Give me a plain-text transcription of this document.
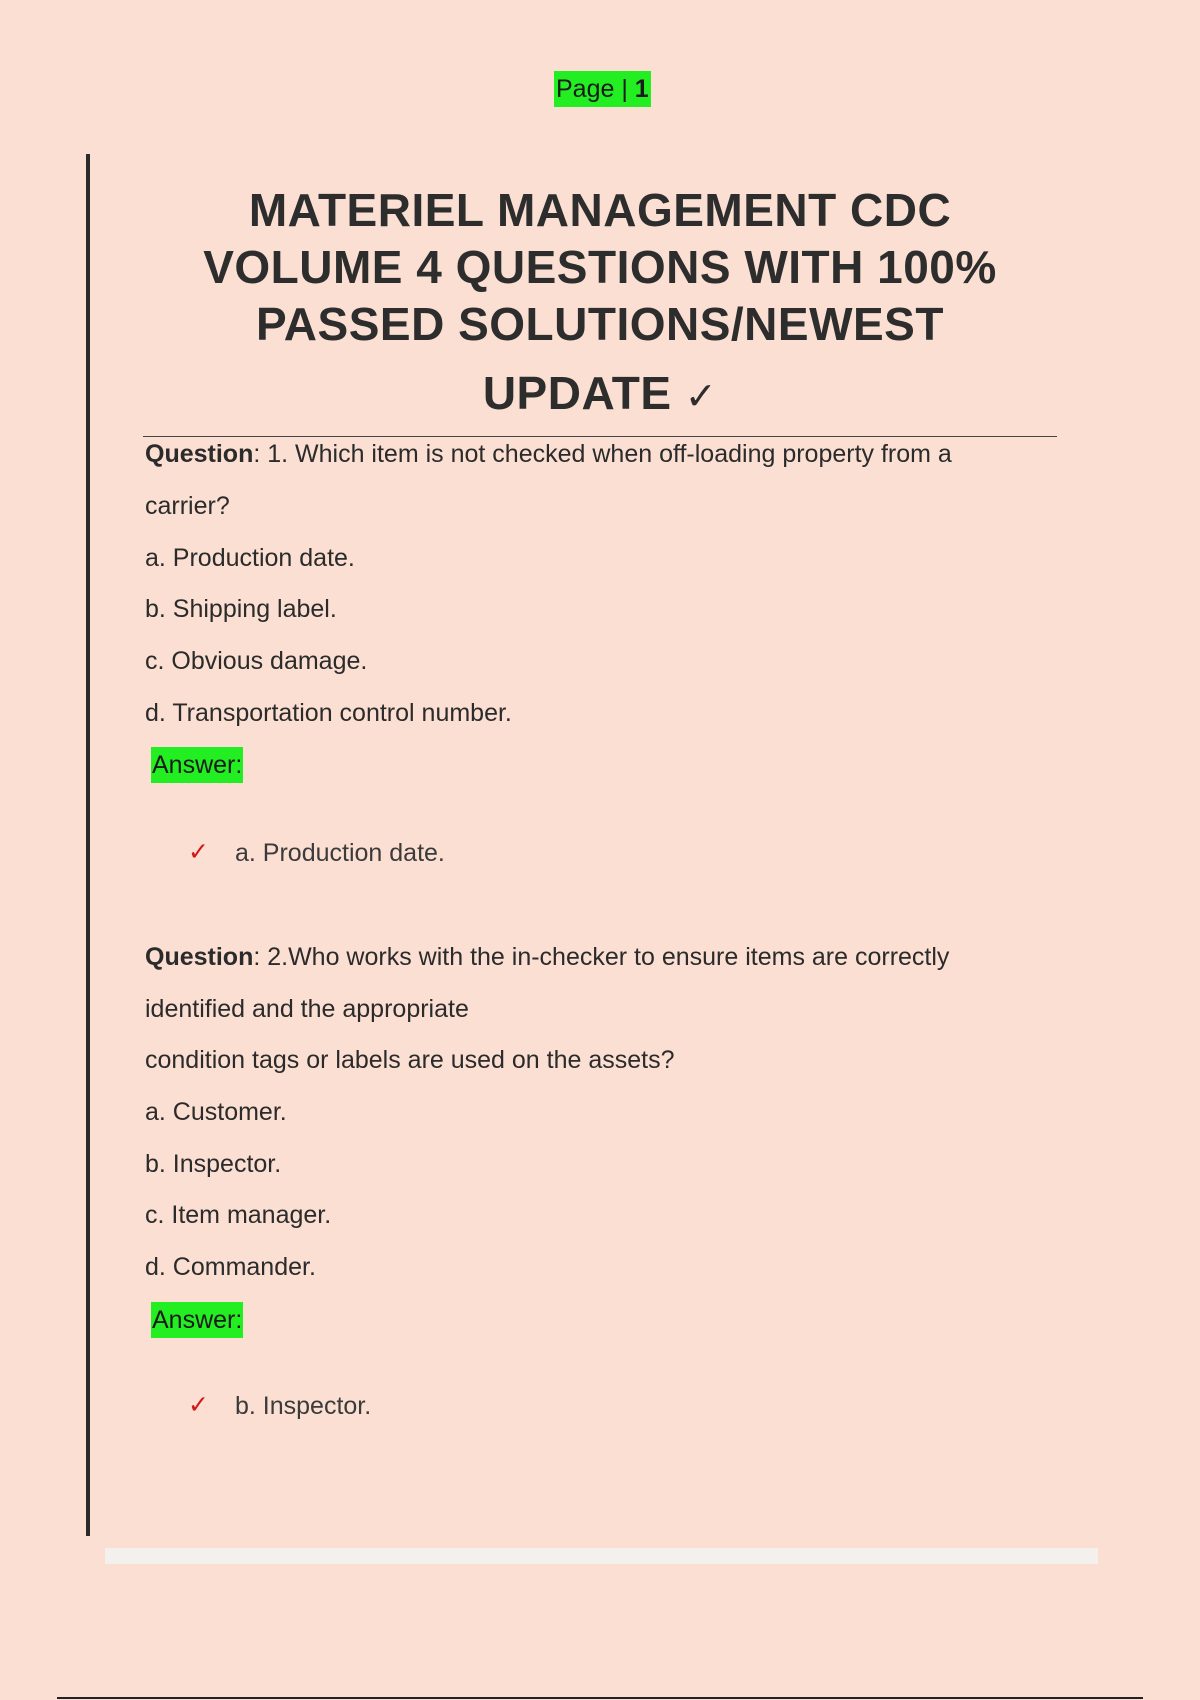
Page | 1
MATERIEL MANAGEMENT CDC
VOLUME 4 QUESTIONS WITH 100%
PASSED SOLUTIONS/NEWEST
UPDATE ✓
Question: 1. Which item is not checked when off-loading property from a
carrier?
a. Production date.
b. Shipping label.
c. Obvious damage.
d. Transportation control number.
Answer:
✓ a. Production date.
Question: 2.Who works with the in-checker to ensure items are correctly
identified and the appropriate
condition tags or labels are used on the assets?
a. Customer.
b. Inspector.
c. Item manager.
d. Commander.
Answer:
✓ b. Inspector.
